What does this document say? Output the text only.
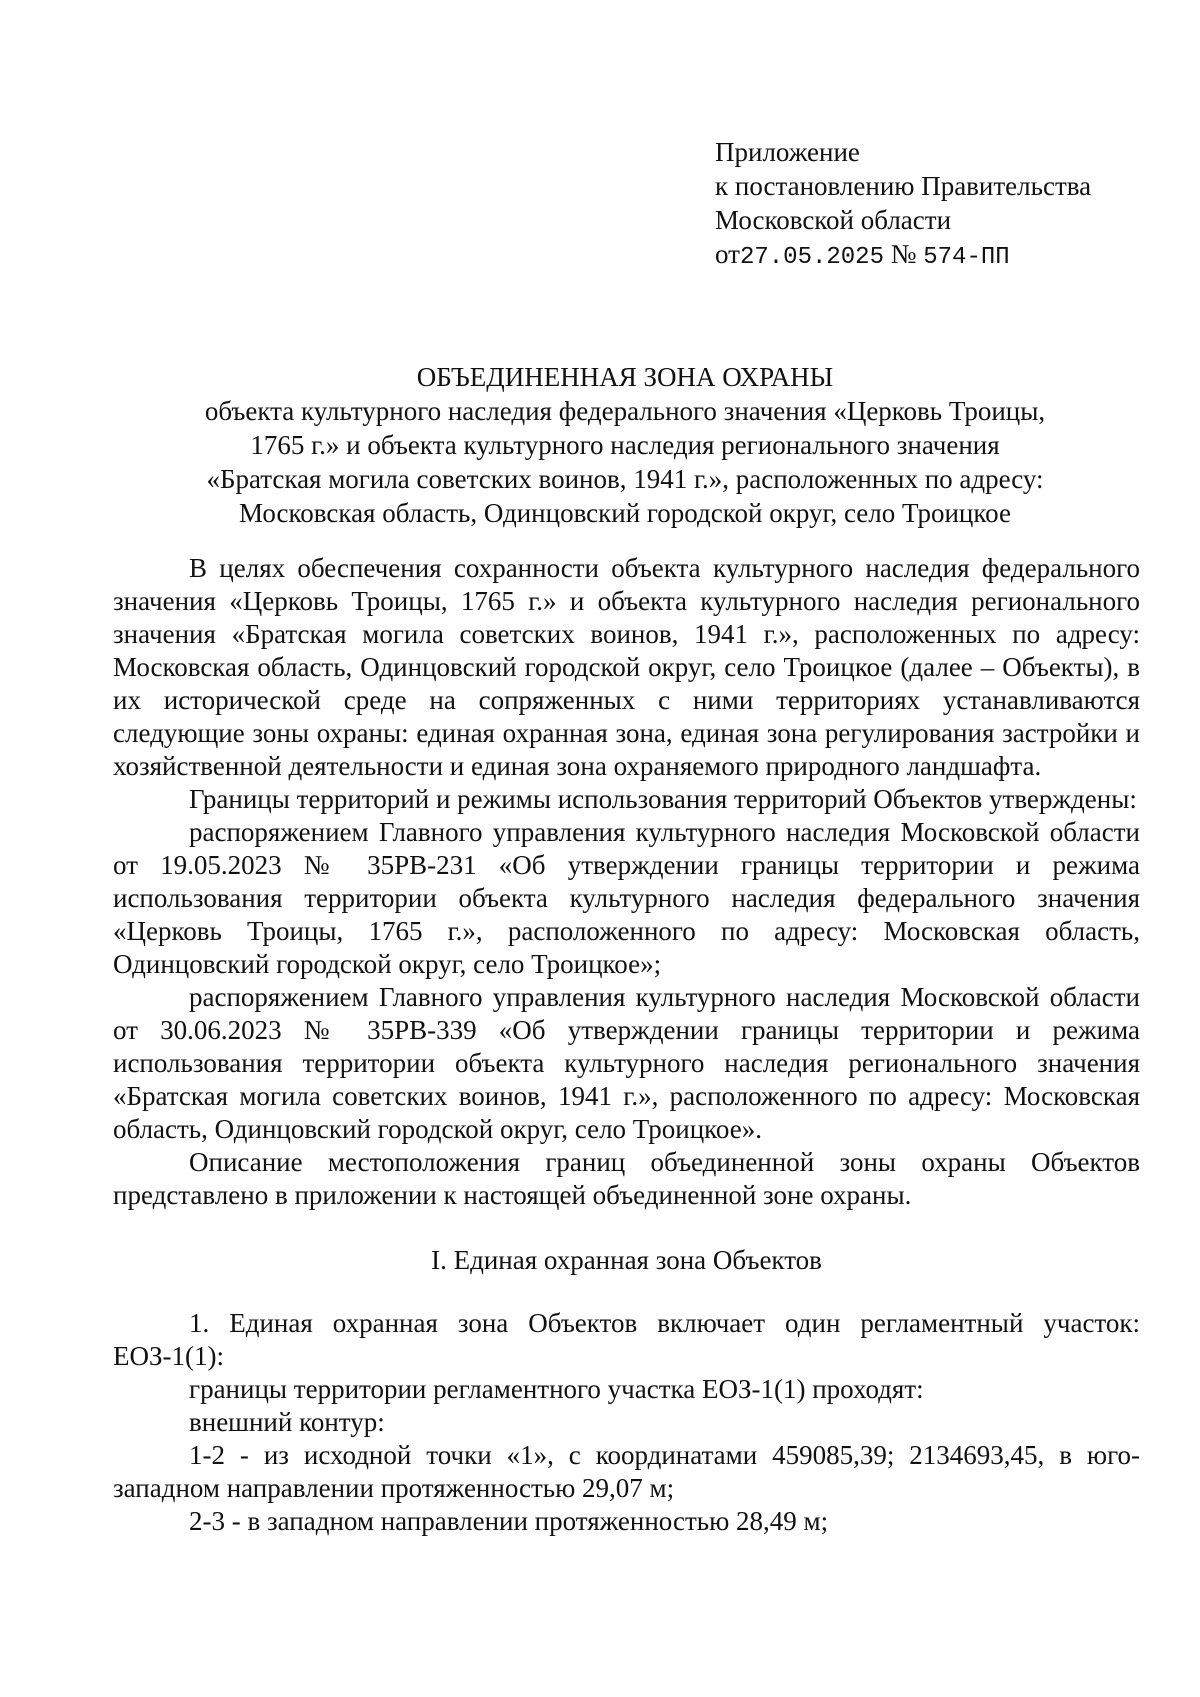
Приложение
к постановлению Правительства
Московской области
от27.05.2025 № 574-ПП
ОБЪЕДИНЕННАЯ ЗОНА ОХРАНЫ
объекта культурного наследия федерального значения «Церковь Троицы,
1765 г.» и объекта культурного наследия регионального значения
«Братская могила советских воинов, 1941 г.», расположенных по адресу:
Московская область, Одинцовский городской округ, село Троицкое

В целях обеспечения сохранности объекта культурного наследия федерального значения «Церковь Троицы, 1765 г.» и объекта культурного наследия регионального значения «Братская могила советских воинов, 1941 г.», расположенных по адресу: Московская область, Одинцовский городской округ, село Троицкое (далее – Объекты), в их исторической среде на сопряженных с ними территориях устанавливаются следующие зоны охраны: единая охранная зона, единая зона регулирования застройки и хозяйственной деятельности и единая зона охраняемого природного ландшафта.

Границы территорий и режимы использования территорий Объектов утверждены:

распоряжением Главного управления культурного наследия Московской области от 19.05.2023 № 35РВ-231 «Об утверждении границы территории и режима использования территории объекта культурного наследия федерального значения «Церковь Троицы, 1765 г.», расположенного по адресу: Московская область, Одинцовский городской округ, село Троицкое»;

распоряжением Главного управления культурного наследия Московской области от 30.06.2023 № 35РВ-339 «Об утверждении границы территории и режима использования территории объекта культурного наследия регионального значения «Братская могила советских воинов, 1941 г.», расположенного по адресу: Московская область, Одинцовский городской округ, село Троицкое».

Описание местоположения границ объединенной зоны охраны Объектов представлено в приложении к настоящей объединенной зоне охраны.

I. Единая охранная зона Объектов

1. Единая охранная зона Объектов включает один регламентный участок: ЕОЗ-1(1):

границы территории регламентного участка ЕОЗ-1(1) проходят:

внешний контур:

1-2 - из исходной точки «1», с координатами 459085,39; 2134693,45, в юго-западном направлении протяженностью 29,07 м;

2-3 - в западном направлении протяженностью 28,49 м;
